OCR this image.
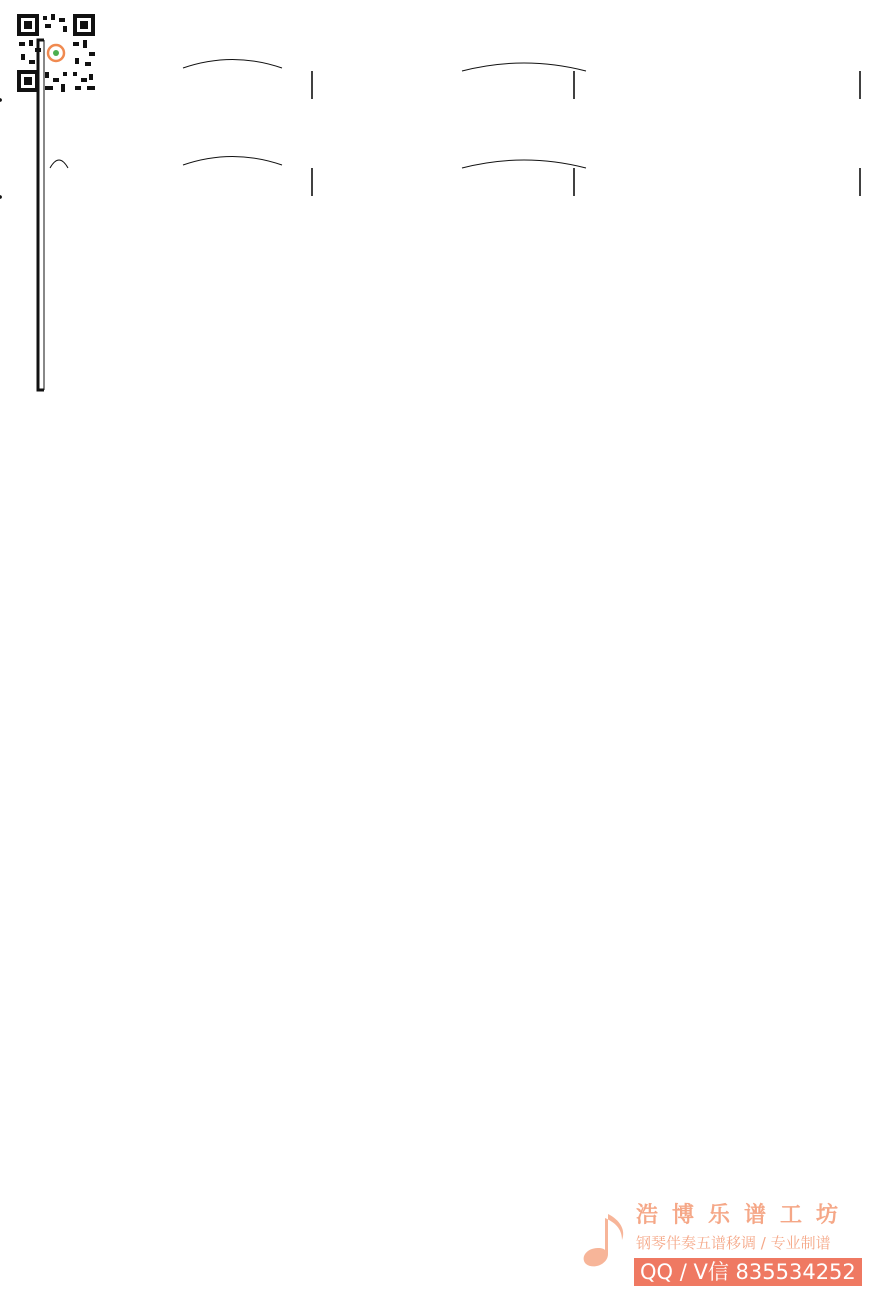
浩博乐谱工坊
钢琴伴奏五谱移调 / 专业制谱
QQ / V信 835534252
